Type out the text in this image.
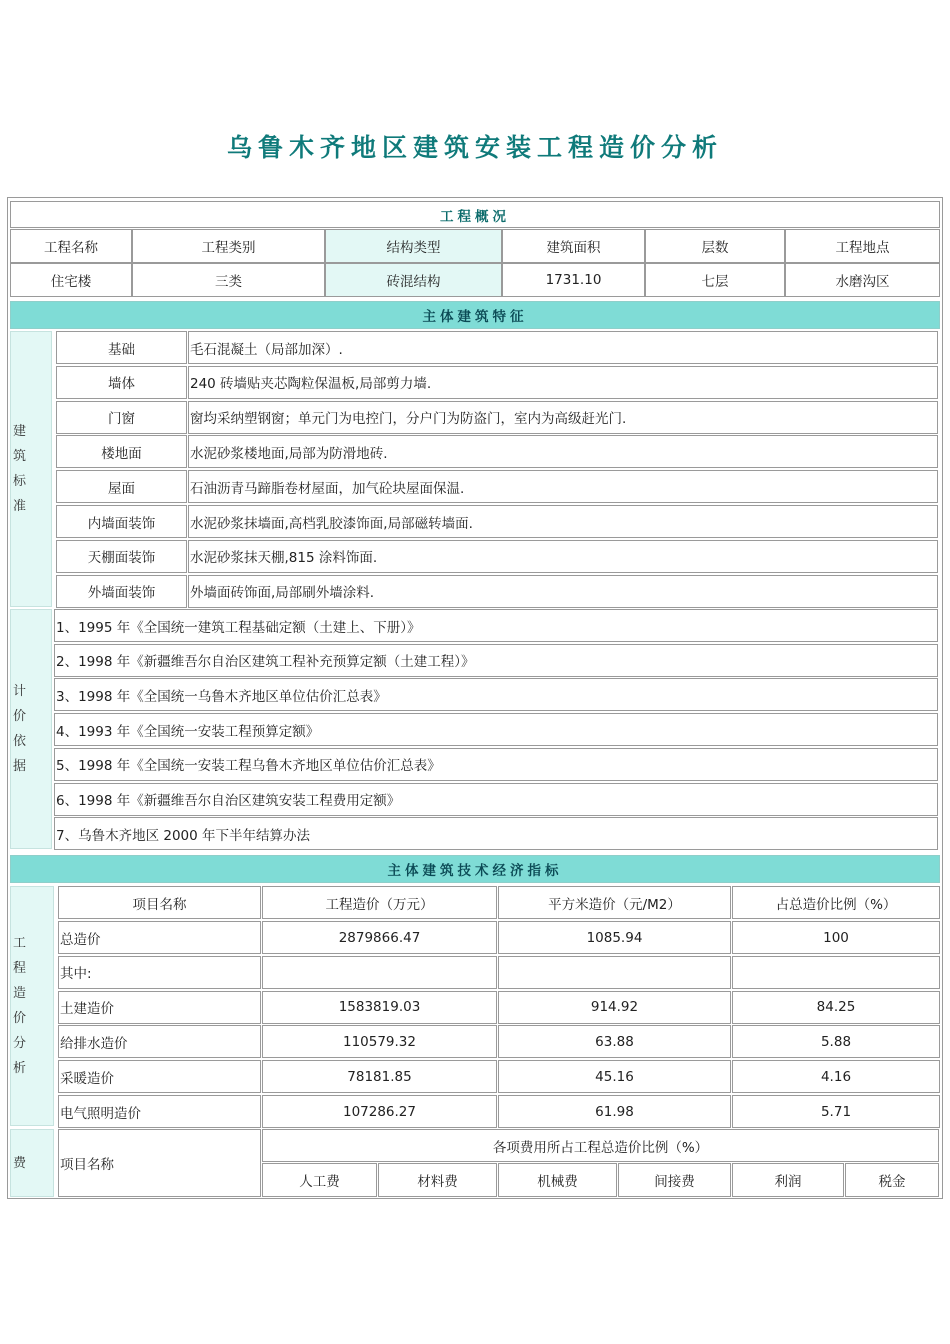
乌鲁木齐地区建筑安装工程造价分析
工程概况
工程名称	工程类别	结构类型	建筑面积	层数	工程地点
住宅楼	三类	砖混结构	1731.10	七层	水磨沟区
主体建筑特征
建
筑
标
准
基础	毛石混凝土（局部加深）.
墙体	240 砖墙贴夹芯陶粒保温板,局部剪力墙.
门窗	窗均采纳塑钢窗；单元门为电控门，分户门为防盗门，室内为高级赶光门.
楼地面	水泥砂浆楼地面,局部为防滑地砖.
屋面	石油沥青马蹄脂卷材屋面，加气砼块屋面保温.
内墙面装饰	水泥砂浆抹墙面,高档乳胶漆饰面,局部磁转墙面.
天棚面装饰	水泥砂浆抹天棚,815 涂料饰面.
外墙面装饰	外墙面砖饰面,局部刷外墙涂料.
计
价
依
据
1、1995 年《全国统一建筑工程基础定额（土建上、下册）》
2、1998 年《新疆维吾尔自治区建筑工程补充预算定额（土建工程）》
3、1998 年《全国统一乌鲁木齐地区单位估价汇总表》
4、1993 年《全国统一安装工程预算定额》
5、1998 年《全国统一安装工程乌鲁木齐地区单位估价汇总表》
6、1998 年《新疆维吾尔自治区建筑安装工程费用定额》
7、乌鲁木齐地区 2000 年下半年结算办法
主体建筑技术经济指标
工
程
造
价
分
析
项目名称	工程造价（万元）	平方米造价（元/M2）	占总造价比例（%）
总造价	2879866.47	1085.94	100
其中:
土建造价	1583819.03	914.92	84.25
给排水造价	110579.32	63.88	5.88
采暖造价	78181.85	45.16	4.16
电气照明造价	107286.27	61.98	5.71
费	项目名称
各项费用所占工程总造价比例（%）
人工费	材料费	机械费	间接费	利润	税金
